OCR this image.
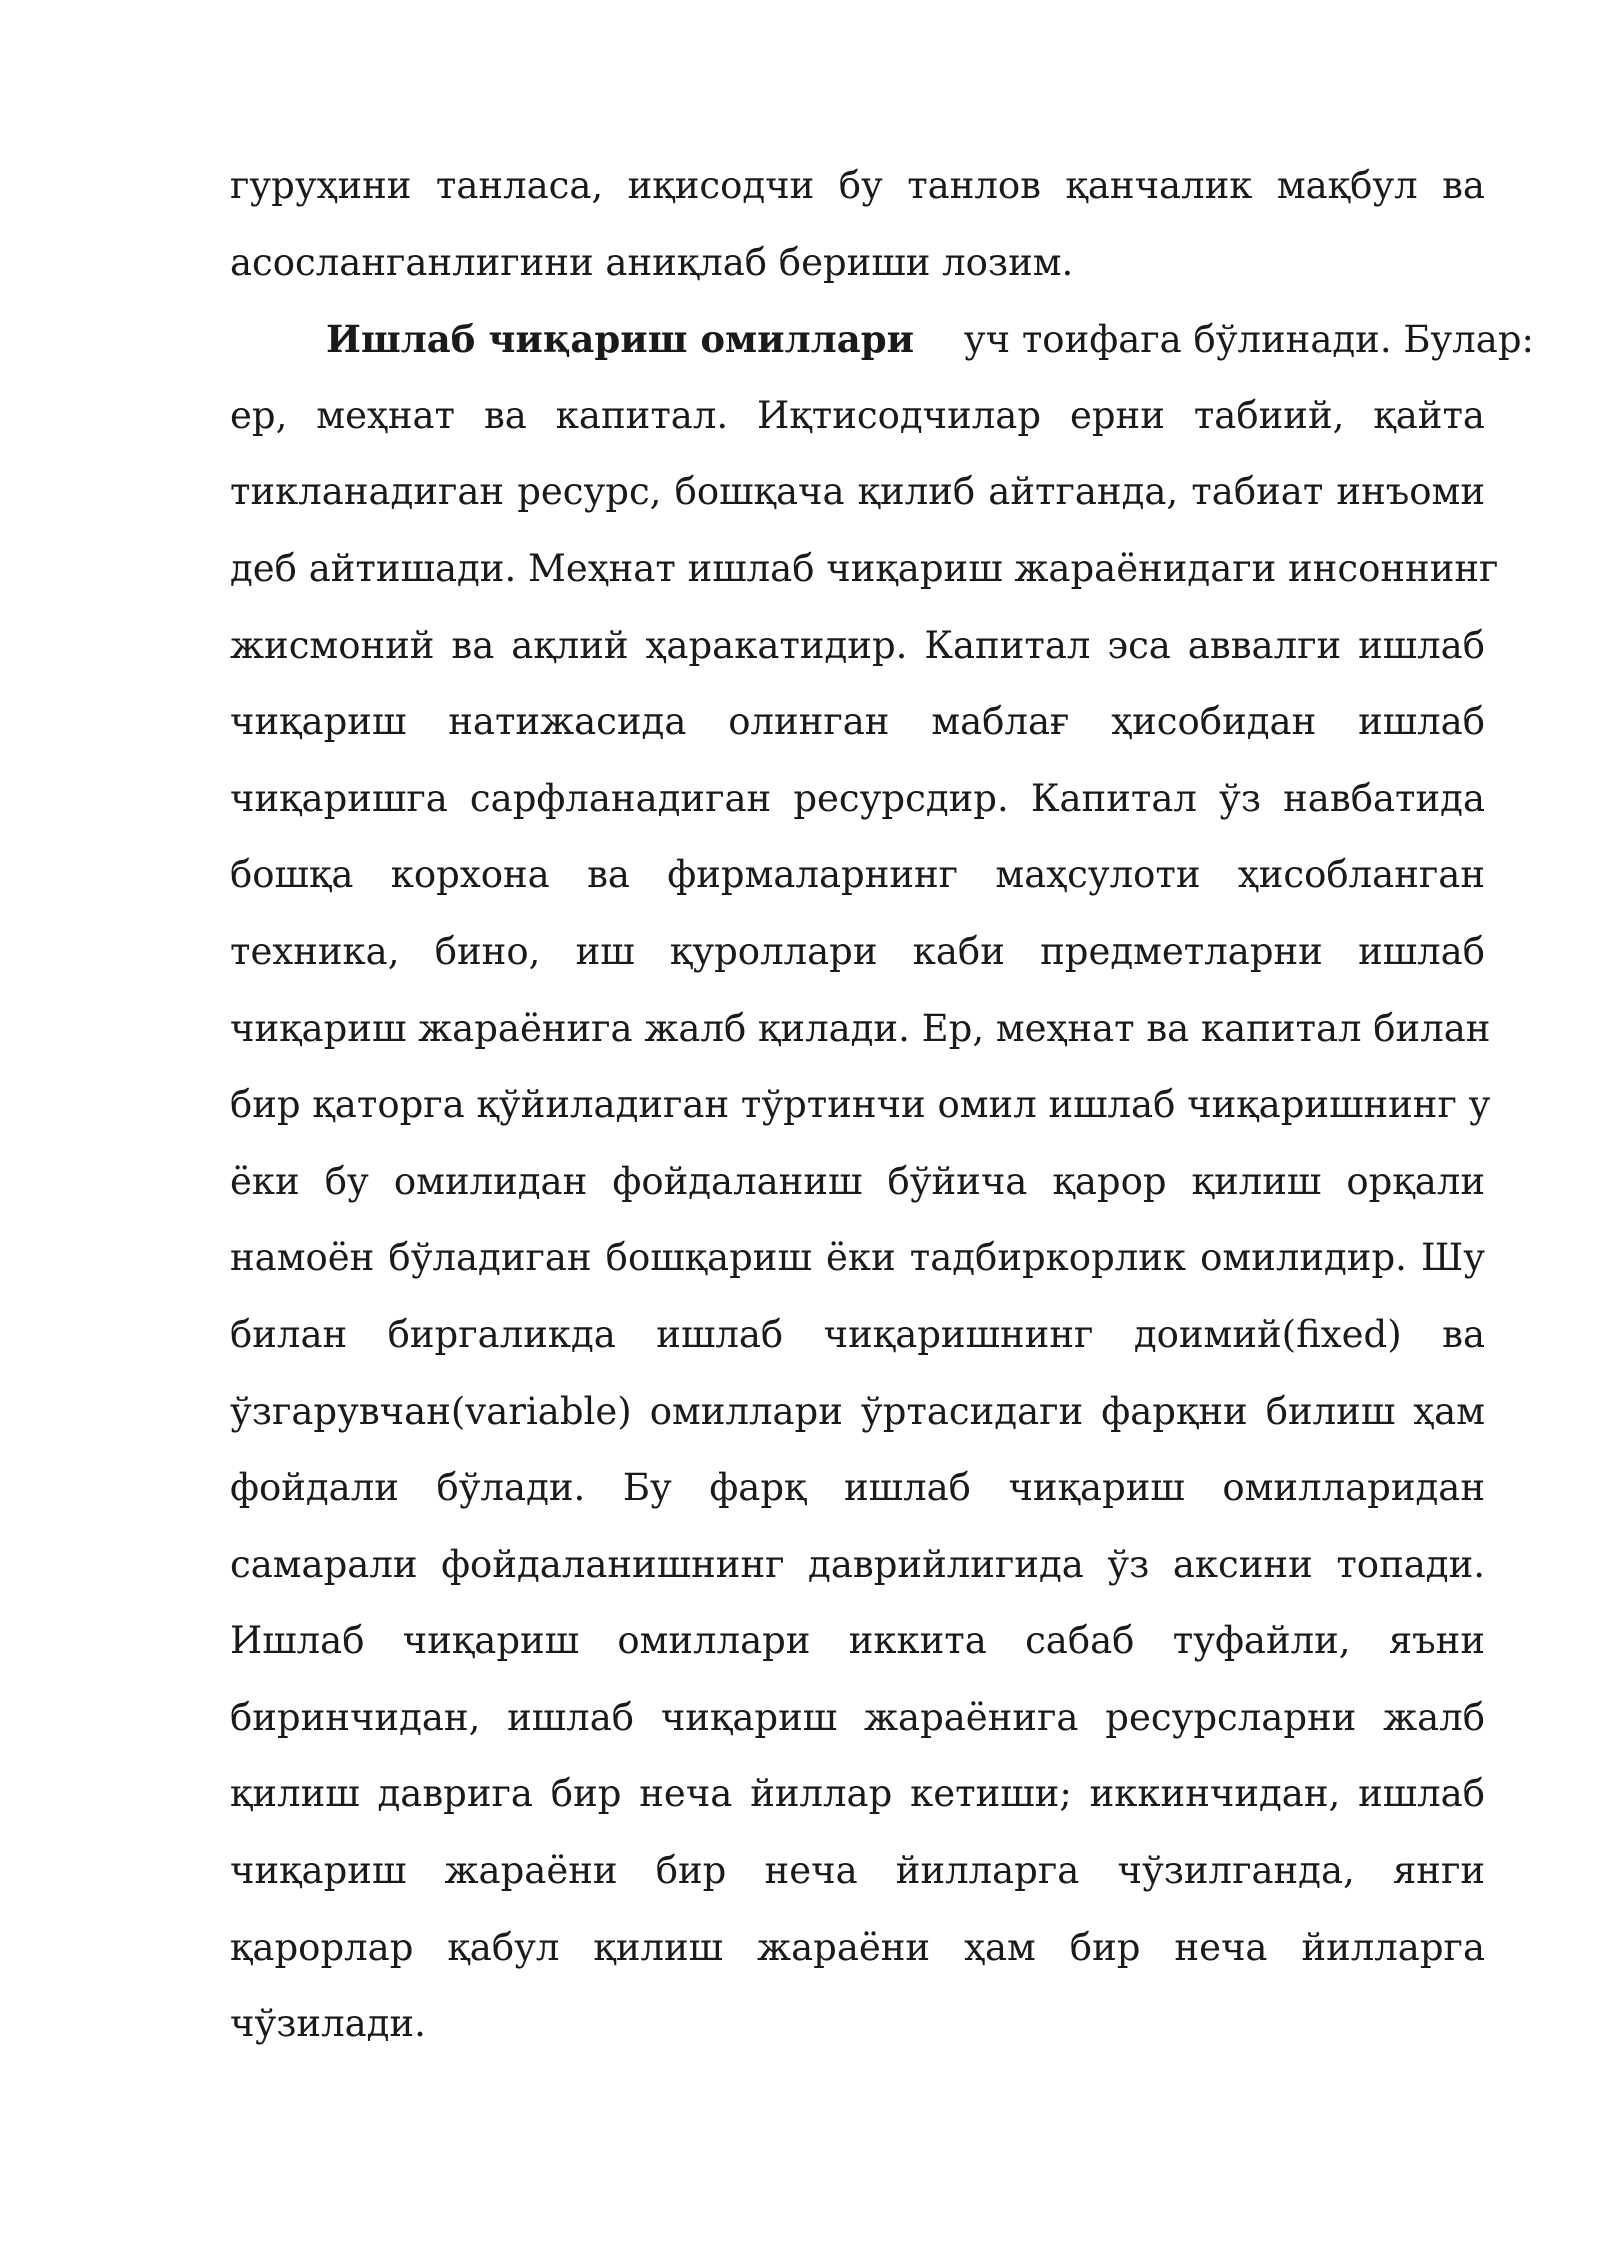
гуруҳини танласа, иқисодчи бу танлов қанчалик мақбул ва
асосланганлигини аниқлаб бериши лозим.
Ишлаб чиқариш омиллари уч тоифага бўлинади. Булар:
ер, меҳнат ва капитал. Иқтисодчилар ерни табиий, қайта
тикланадиган ресурс, бошқача қилиб айтганда, табиат инъоми
деб айтишади. Меҳнат ишлаб чиқариш жараёнидаги инсоннинг
жисмоний ва ақлий ҳаракатидир. Капитал эса аввалги ишлаб
чиқариш натижасида олинган маблағ ҳисобидан ишлаб
чиқаришга сарфланадиган ресурсдир. Капитал ўз навбатида
бошқа корхона ва фирмаларнинг маҳсулоти ҳисобланган
техника, бино, иш қуроллари каби предметларни ишлаб
чиқариш жараёнига жалб қилади. Ер, меҳнат ва капитал билан
бир қаторга қўйиладиган тўртинчи омил ишлаб чиқаришнинг у
ёки бу омилидан фойдаланиш бўйича қарор қилиш орқали
намоён бўладиган бошқариш ёки тадбиркорлик омилидир. Шу
билан биргаликда ишлаб чиқаришнинг доимий(fixed) ва
ўзгарувчан(variable) омиллари ўртасидаги фарқни билиш ҳам
фойдали бўлади. Бу фарқ ишлаб чиқариш омилларидан
самарали фойдаланишнинг даврийлигида ўз аксини топади.
Ишлаб чиқариш омиллари иккита сабаб туфайли, яъни
биринчидан, ишлаб чиқариш жараёнига ресурсларни жалб
қилиш даврига бир неча йиллар кетиши; иккинчидан, ишлаб
чиқариш жараёни бир неча йилларга чўзилганда, янги
қарорлар қабул қилиш жараёни ҳам бир неча йилларга
чўзилади.
